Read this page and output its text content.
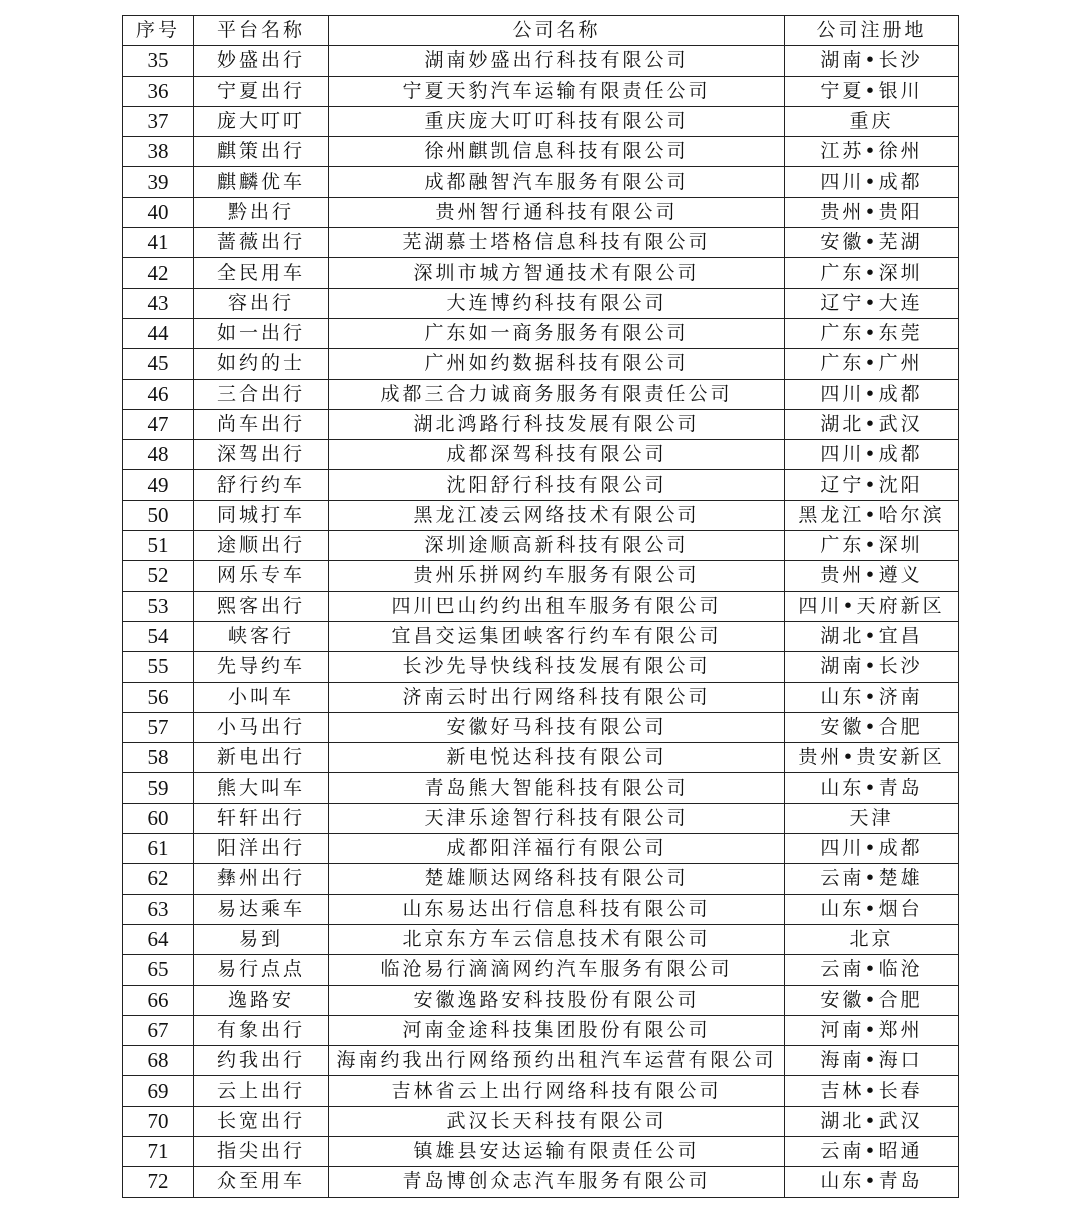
序号	平台名称	公司名称	公司注册地
35	妙盛出行	湖南妙盛出行科技有限公司	湖南•长沙
36	宁夏出行	宁夏天豹汽车运输有限责任公司	宁夏•银川
37	庞大叮叮	重庆庞大叮叮科技有限公司	重庆
38	麒策出行	徐州麒凯信息科技有限公司	江苏•徐州
39	麒麟优车	成都融智汽车服务有限公司	四川•成都
40	黔出行	贵州智行通科技有限公司	贵州•贵阳
41	蔷薇出行	芜湖慕士塔格信息科技有限公司	安徽•芜湖
42	全民用车	深圳市城方智通技术有限公司	广东•深圳
43	容出行	大连博约科技有限公司	辽宁•大连
44	如一出行	广东如一商务服务有限公司	广东•东莞
45	如约的士	广州如约数据科技有限公司	广东•广州
46	三合出行	成都三合力诚商务服务有限责任公司	四川•成都
47	尚车出行	湖北鸿路行科技发展有限公司	湖北•武汉
48	深驾出行	成都深驾科技有限公司	四川•成都
49	舒行约车	沈阳舒行科技有限公司	辽宁•沈阳
50	同城打车	黑龙江凌云网络技术有限公司	黑龙江•哈尔滨
51	途顺出行	深圳途顺高新科技有限公司	广东•深圳
52	网乐专车	贵州乐拼网约车服务有限公司	贵州•遵义
53	熙客出行	四川巴山约约出租车服务有限公司	四川•天府新区
54	峡客行	宜昌交运集团峡客行约车有限公司	湖北•宜昌
55	先导约车	长沙先导快线科技发展有限公司	湖南•长沙
56	小叫车	济南云时出行网络科技有限公司	山东•济南
57	小马出行	安徽好马科技有限公司	安徽•合肥
58	新电出行	新电悦达科技有限公司	贵州•贵安新区
59	熊大叫车	青岛熊大智能科技有限公司	山东•青岛
60	轩轩出行	天津乐途智行科技有限公司	天津
61	阳洋出行	成都阳洋福行有限公司	四川•成都
62	彝州出行	楚雄顺达网络科技有限公司	云南•楚雄
63	易达乘车	山东易达出行信息科技有限公司	山东•烟台
64	易到	北京东方车云信息技术有限公司	北京
65	易行点点	临沧易行滴滴网约汽车服务有限公司	云南•临沧
66	逸路安	安徽逸路安科技股份有限公司	安徽•合肥
67	有象出行	河南金途科技集团股份有限公司	河南•郑州
68	约我出行	海南约我出行网络预约出租汽车运营有限公司	海南•海口
69	云上出行	吉林省云上出行网络科技有限公司	吉林•长春
70	长宽出行	武汉长天科技有限公司	湖北•武汉
71	指尖出行	镇雄县安达运输有限责任公司	云南•昭通
72	众至用车	青岛博创众志汽车服务有限公司	山东•青岛
